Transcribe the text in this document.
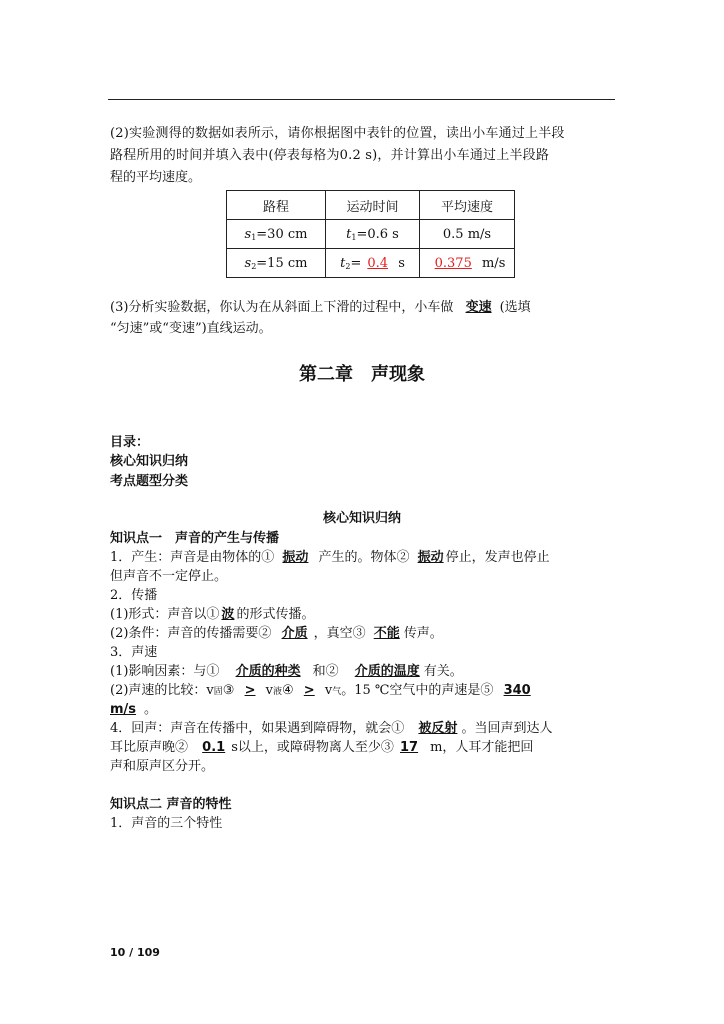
(2)实验测得的数据如表所示，请你根据图中表针的位置，读出小车通过上半段
路程所用的时间并填入表中(停表每格为0.2 s)，并计算出小车通过上半段路
程的平均速度。
路程	运动时间	平均速度
$s_1=30$ cm	$t_1=0.6$ s	0.5 m/s
$s_2=15$ cm	$t_2= 0.4$ s	0.375 m/s
(3)分析实验数据，你认为在从斜面上下滑的过程中，小车做 变速 (选填
“匀速”或“变速”)直线运动。
第二章　声现象
目录：
核心知识归纳
考点题型分类
核心知识归纳
知识点一　声音的产生与传播
1．产生：声音是由物体的① 振动 产生的。物体② 振动 停止，发声也停止
但声音不一定停止。
2．传播
(1)形式：声音以① 波 的形式传播。
(2)条件：声音的传播需要② 介质 ，真空③ 不能 传声。
3．声速
(1)影响因素：与① 介质的种类 和② 介质的温度 有关。
(2)声速的比较：v固③ > v液④ > v气。15 ℃空气中的声速是⑤ 340
m/s 。
4．回声：声音在传播中，如果遇到障碍物，就会① 被反射 。当回声到达人
耳比原声晚② 0.1 s以上，或障碍物离人至少③ 17 m，人耳才能把回
声和原声区分开。
知识点二 声音的特性
1．声音的三个特性
10 / 109
